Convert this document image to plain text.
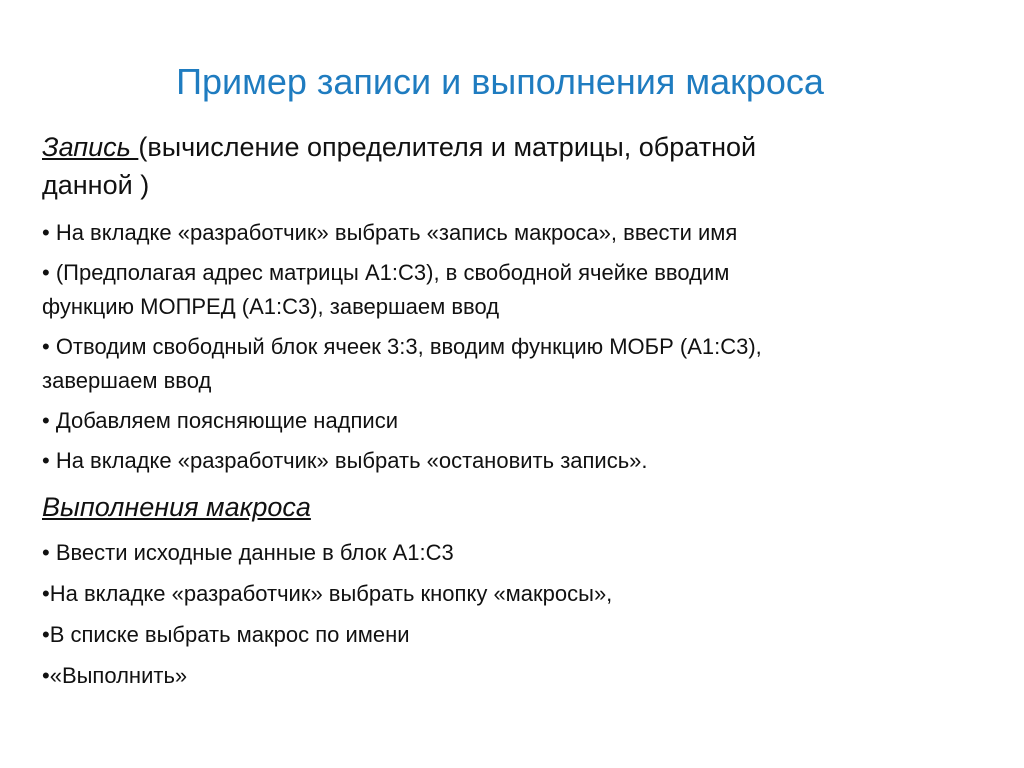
Пример записи и выполнения макроса

Запись (вычисление определителя и матрицы, обратной
данной )

• На вкладке «разработчик» выбрать «запись макроса», ввести имя

• (Предполагая адрес матрицы А1:С3), в свободной ячейке вводим

функцию МОПРЕД (А1:С3), завершаем ввод

• Отводим свободный блок ячеек 3:3, вводим функцию МОБР (А1:С3),

завершаем ввод

• Добавляем поясняющие надписи

• На вкладке «разработчик» выбрать «остановить запись».

Выполнения макроса

• Ввести исходные данные в блок А1:С3

•На вкладке «разработчик» выбрать кнопку «макросы»,

•В списке выбрать макрос по имени

•«Выполнить»
